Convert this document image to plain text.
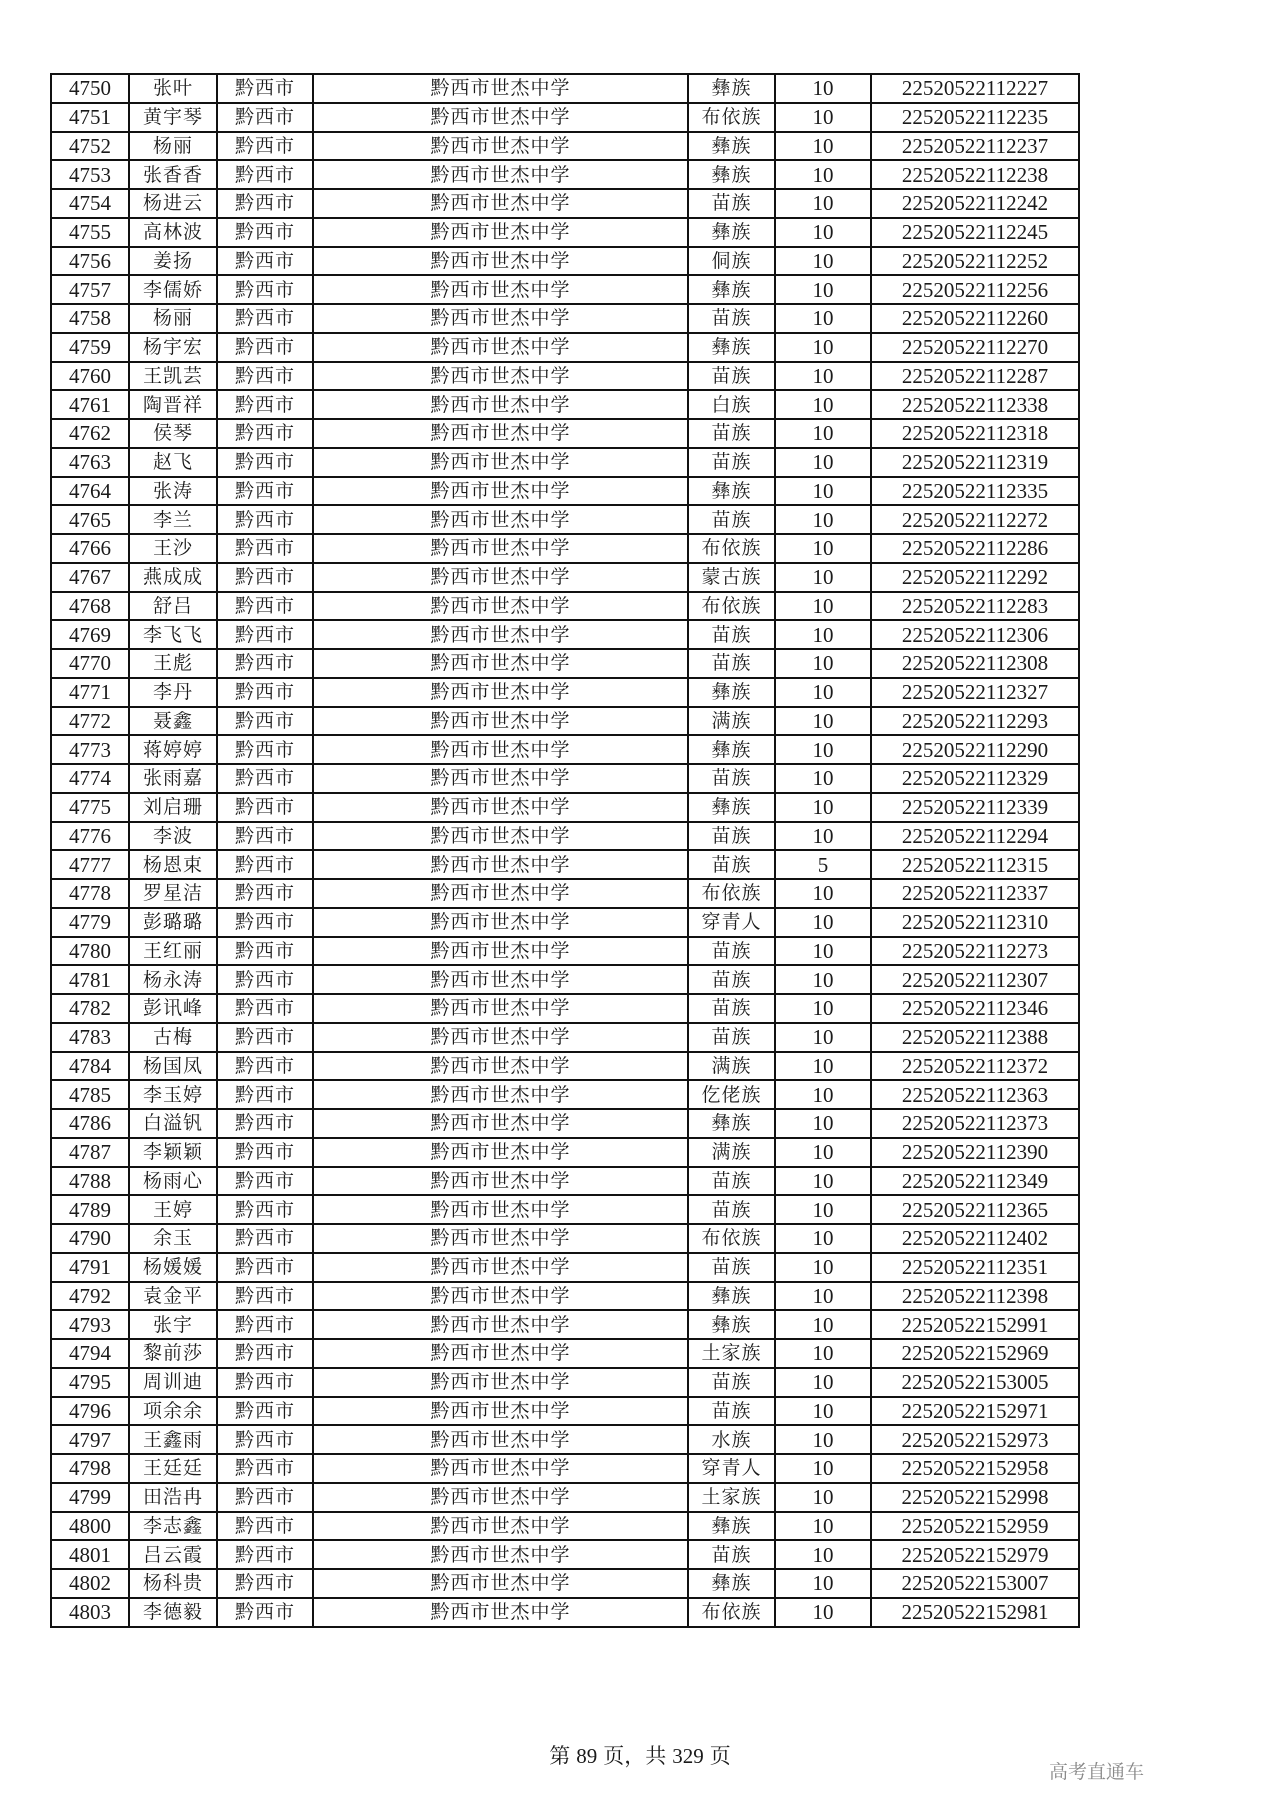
4750	张叶	黔西市	黔西市世杰中学	彝族	10	22520522112227
4751	黄宇琴	黔西市	黔西市世杰中学	布依族	10	22520522112235
4752	杨丽	黔西市	黔西市世杰中学	彝族	10	22520522112237
4753	张香香	黔西市	黔西市世杰中学	彝族	10	22520522112238
4754	杨进云	黔西市	黔西市世杰中学	苗族	10	22520522112242
4755	高林波	黔西市	黔西市世杰中学	彝族	10	22520522112245
4756	姜扬	黔西市	黔西市世杰中学	侗族	10	22520522112252
4757	李儒娇	黔西市	黔西市世杰中学	彝族	10	22520522112256
4758	杨丽	黔西市	黔西市世杰中学	苗族	10	22520522112260
4759	杨宇宏	黔西市	黔西市世杰中学	彝族	10	22520522112270
4760	王凯芸	黔西市	黔西市世杰中学	苗族	10	22520522112287
4761	陶晋祥	黔西市	黔西市世杰中学	白族	10	22520522112338
4762	侯琴	黔西市	黔西市世杰中学	苗族	10	22520522112318
4763	赵飞	黔西市	黔西市世杰中学	苗族	10	22520522112319
4764	张涛	黔西市	黔西市世杰中学	彝族	10	22520522112335
4765	李兰	黔西市	黔西市世杰中学	苗族	10	22520522112272
4766	王沙	黔西市	黔西市世杰中学	布依族	10	22520522112286
4767	燕成成	黔西市	黔西市世杰中学	蒙古族	10	22520522112292
4768	舒吕	黔西市	黔西市世杰中学	布依族	10	22520522112283
4769	李飞飞	黔西市	黔西市世杰中学	苗族	10	22520522112306
4770	王彪	黔西市	黔西市世杰中学	苗族	10	22520522112308
4771	李丹	黔西市	黔西市世杰中学	彝族	10	22520522112327
4772	聂鑫	黔西市	黔西市世杰中学	满族	10	22520522112293
4773	蒋婷婷	黔西市	黔西市世杰中学	彝族	10	22520522112290
4774	张雨嘉	黔西市	黔西市世杰中学	苗族	10	22520522112329
4775	刘启珊	黔西市	黔西市世杰中学	彝族	10	22520522112339
4776	李波	黔西市	黔西市世杰中学	苗族	10	22520522112294
4777	杨恩束	黔西市	黔西市世杰中学	苗族	5	22520522112315
4778	罗星洁	黔西市	黔西市世杰中学	布依族	10	22520522112337
4779	彭璐璐	黔西市	黔西市世杰中学	穿青人	10	22520522112310
4780	王红丽	黔西市	黔西市世杰中学	苗族	10	22520522112273
4781	杨永涛	黔西市	黔西市世杰中学	苗族	10	22520522112307
4782	彭讯峰	黔西市	黔西市世杰中学	苗族	10	22520522112346
4783	古梅	黔西市	黔西市世杰中学	苗族	10	22520522112388
4784	杨国凤	黔西市	黔西市世杰中学	满族	10	22520522112372
4785	李玉婷	黔西市	黔西市世杰中学	仡佬族	10	22520522112363
4786	白溢钒	黔西市	黔西市世杰中学	彝族	10	22520522112373
4787	李颖颖	黔西市	黔西市世杰中学	满族	10	22520522112390
4788	杨雨心	黔西市	黔西市世杰中学	苗族	10	22520522112349
4789	王婷	黔西市	黔西市世杰中学	苗族	10	22520522112365
4790	余玉	黔西市	黔西市世杰中学	布依族	10	22520522112402
4791	杨媛媛	黔西市	黔西市世杰中学	苗族	10	22520522112351
4792	袁金平	黔西市	黔西市世杰中学	彝族	10	22520522112398
4793	张宇	黔西市	黔西市世杰中学	彝族	10	22520522152991
4794	黎前莎	黔西市	黔西市世杰中学	土家族	10	22520522152969
4795	周训迪	黔西市	黔西市世杰中学	苗族	10	22520522153005
4796	项余余	黔西市	黔西市世杰中学	苗族	10	22520522152971
4797	王鑫雨	黔西市	黔西市世杰中学	水族	10	22520522152973
4798	王廷廷	黔西市	黔西市世杰中学	穿青人	10	22520522152958
4799	田浩冉	黔西市	黔西市世杰中学	土家族	10	22520522152998
4800	李志鑫	黔西市	黔西市世杰中学	彝族	10	22520522152959
4801	吕云霞	黔西市	黔西市世杰中学	苗族	10	22520522152979
4802	杨科贵	黔西市	黔西市世杰中学	彝族	10	22520522153007
4803	李德毅	黔西市	黔西市世杰中学	布依族	10	22520522152981
第 89 页，共 329 页
高考直通车
